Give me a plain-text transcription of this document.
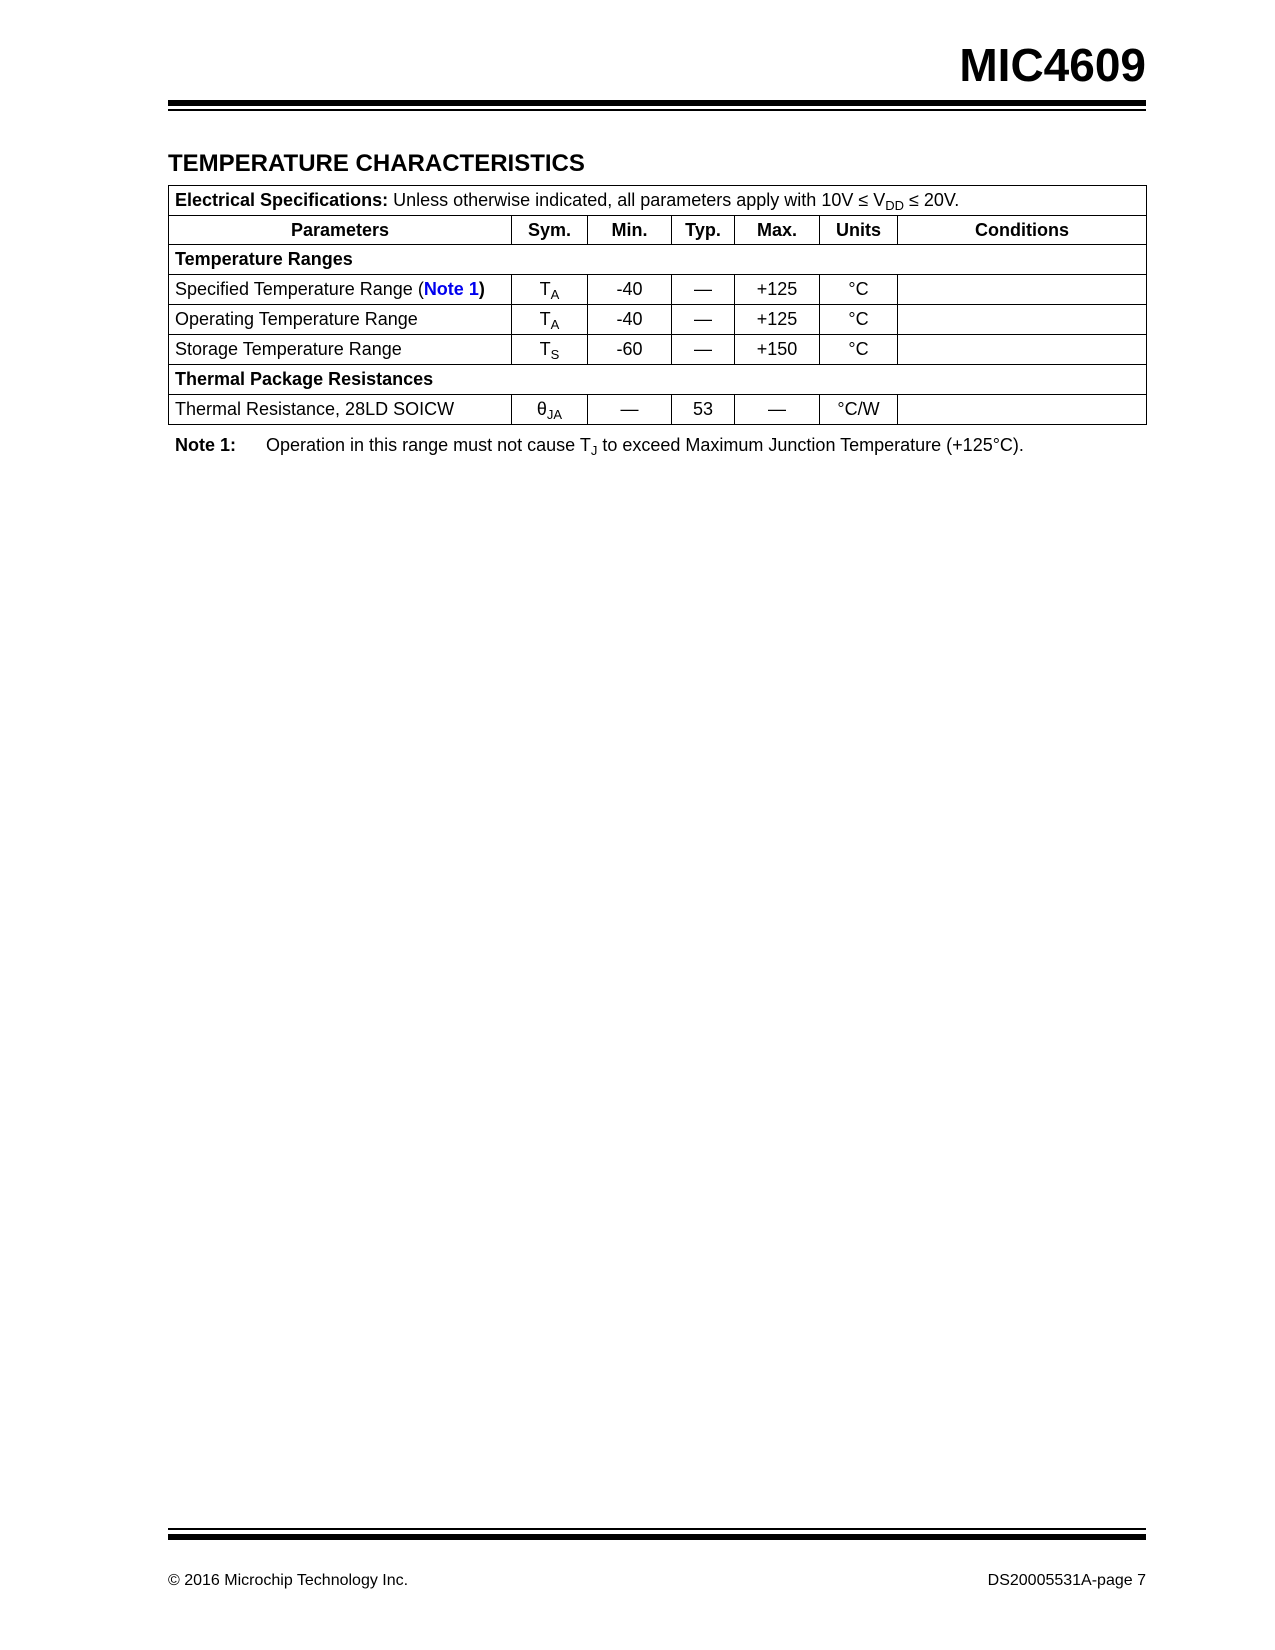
MIC4609
TEMPERATURE CHARACTERISTICS
Electrical Specifications: Unless otherwise indicated, all parameters apply with $10V \le V_{DD} \le 20V$.						
Parameters	Sym.	Min.	Typ.	Max.	Units	Conditions
Temperature Ranges						
Specified Temperature Range (Note 1)	$T_A$	-40	—	+125	°C	
Operating Temperature Range	$T_A$	-40	—	+125	°C	
Storage Temperature Range	$T_S$	-60	—	+150	°C	
Thermal Package Resistances						
Thermal Resistance, 28LD SOICW	$\theta_{JA}$	—	53	—	°C/W	
Note 1: Operation in this range must not cause $T_J$ to exceed Maximum Junction Temperature (+125°C).
© 2016 Microchip Technology Inc.	DS20005531A-page 7
